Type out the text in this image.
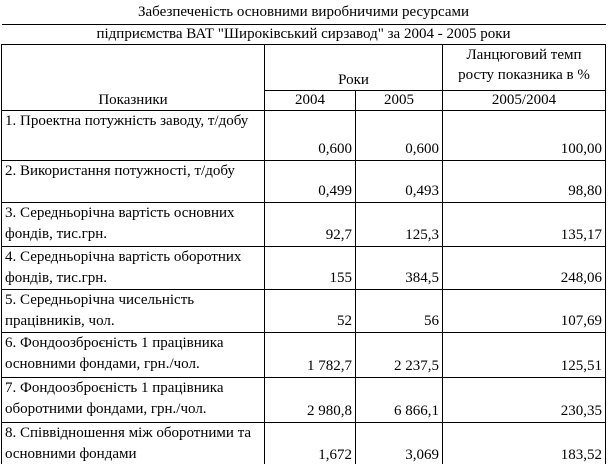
Забезпеченість основними виробничими ресурсами			
підприємства ВАТ "Широківський сирзавод" за 2004 - 2005 роки			
Показники	Роки		Ланцюговий темп
росту показника в %

	2004	2005	2005/2004
1. Проектна потужність заводу, т/добу	0,600	0,600	100,00
2. Використання потужності, т/добу	0,499	0,493	98,80
3. Середньорічна вартість основних фондів, тис.грн.	92,7	125,3	135,17
4. Середньорічна вартість оборотних фондів, тис.грн.	155	384,5	248,06
5. Середньорічна чисельність працівників, чол.	52	56	107,69
6. Фондоозброєність 1 працівника основними фондами, грн./чол.	1 782,7	2 237,5	125,51
7. Фондоозброєність 1 працівника оборотними фондами, грн./чол.	2 980,8	6 866,1	230,35
8. Співвідношення між оборотними та основними фондами	1,672	3,069	183,52
